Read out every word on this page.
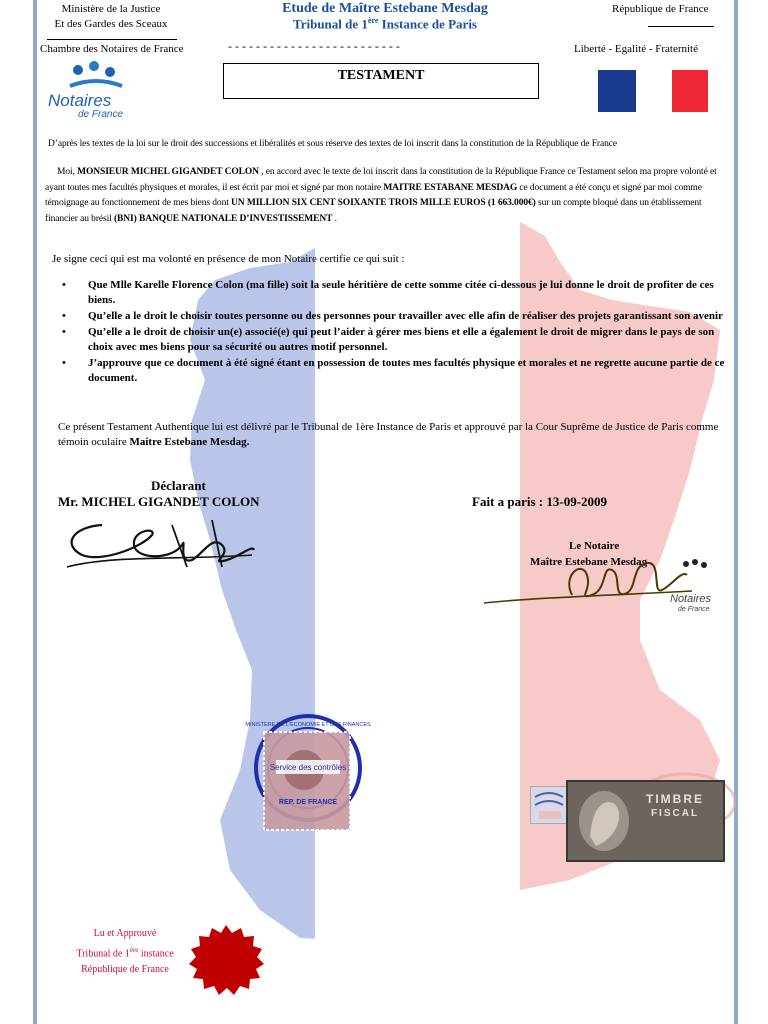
Ministère de la Justice
Et des Gardes des Sceaux
Chambre des Notaires de France
Etude de Maître Estebane Mesdag
Tribunal de 1ère Instance de Paris
- - - - - - - - - - - - - - - - - - - - - - - - -
République de France
Liberté - Egalité - Fraternité
TESTAMENT
Notaires
de France
D’après les textes de la loi sur le droit des successions et libéralités et sous réserve des textes de loi inscrit dans la constitution de la République de France
Moi, MONSIEUR MICHEL GIGANDET COLON , en accord avec le texte de loi inscrit dans la constitution de la République France ce Testament selon ma propre volonté et ayant toutes mes facultés physiques et morales, il est écrit par moi et signé par mon notaire MAITRE ESTABANE MESDAG ce document a été conçu et signé par moi comme témoignage au fonctionnement de mes biens dont UN MILLION SIX CENT SOIXANTE TROIS MILLE EUROS (1 663.000€) sur un compte bloqué dans un établissement financier au brésil (BNI) BANQUE NATIONALE D’INVESTISSEMENT .
Je signe ceci qui est ma volonté en présence de mon Notaire certifie ce qui suit :
• Que Mlle Karelle Florence Colon (ma fille) soit la seule héritière de cette somme citée ci-dessous je lui donne le droit de profiter de ces biens.
• Qu’elle a le droit le choisir toutes personne ou des personnes pour travailler avec elle afin de réaliser des projets garantissant son avenir
• Qu’elle a le droit de choisir un(e) associé(e) qui peut l’aider à gérer mes biens et elle a également le droit de migrer dans le pays de son choix avec mes biens pour sa sécurité ou autres motif personnel.
• J’approuve que ce document à été signé étant en possession de toutes mes facultés physique et morales et ne regrette aucune partie de ce document.
Ce présent Testament Authentique lui est délivré par le Tribunal de 1ère Instance de Paris et approuvé par la Cour Suprême de Justice de Paris comme témoin oculaire Maitre Estebane Mesdag.
Déclarant
Mr. MICHEL GIGANDET COLON	Fait a paris : 13-09-2009
Le Notaire
Maître Estebane Mesdag
Notaires
de France
Service des contrôles
REP. DE FRANCE
MINISTERE DE L'ECONOMIE ET DES FINANCES
TIMBRE
FISCAL
Lu et Approuvé
Tribunal de 1ère instance
République de France
